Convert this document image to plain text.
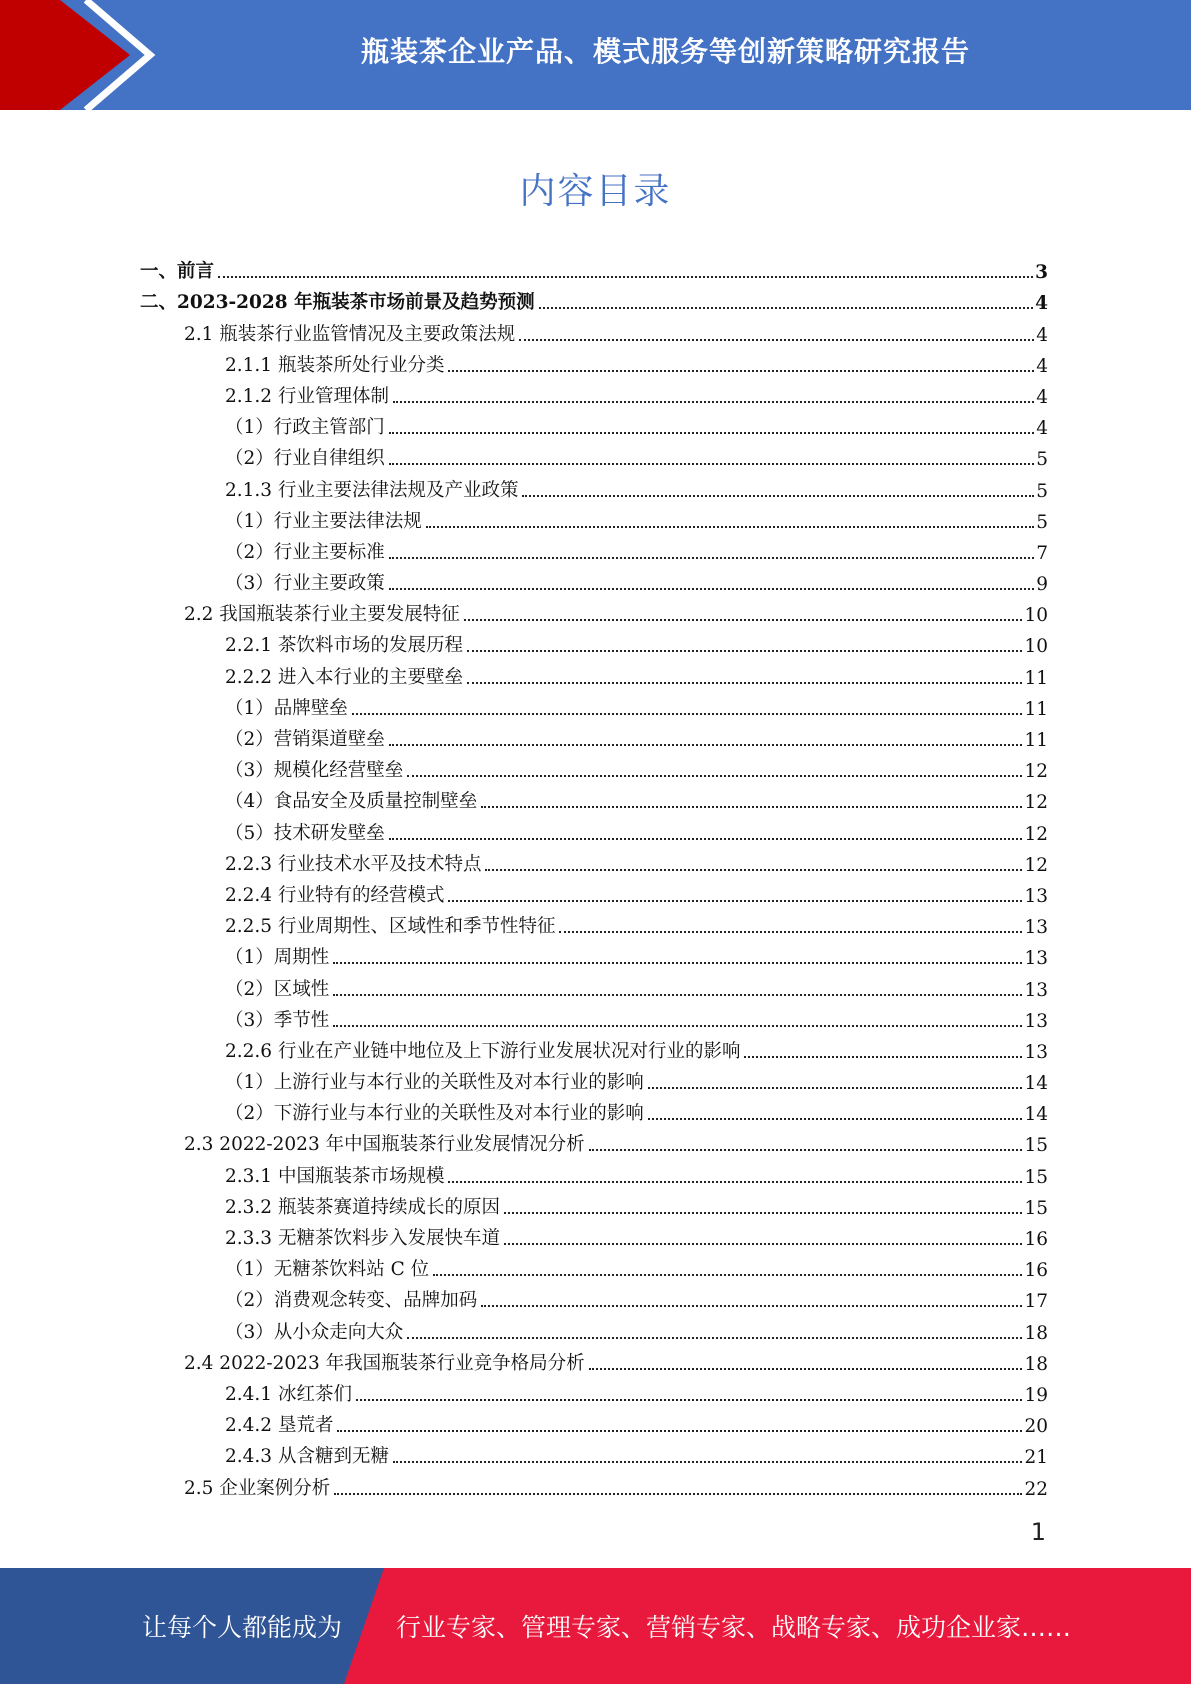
瓶装茶企业产品、模式服务等创新策略研究报告
内容目录
一、前言	3
二、2023-2028 年瓶装茶市场前景及趋势预测	4
2.1 瓶装茶行业监管情况及主要政策法规	4
2.1.1 瓶装茶所处行业分类	4
2.1.2 行业管理体制	4
（1）行政主管部门	4
（2）行业自律组织	5
2.1.3 行业主要法律法规及产业政策	5
（1）行业主要法律法规	5
（2）行业主要标准	7
（3）行业主要政策	9
2.2 我国瓶装茶行业主要发展特征	10
2.2.1 茶饮料市场的发展历程	10
2.2.2 进入本行业的主要壁垒	11
（1）品牌壁垒	11
（2）营销渠道壁垒	11
（3）规模化经营壁垒	12
（4）食品安全及质量控制壁垒	12
（5）技术研发壁垒	12
2.2.3 行业技术水平及技术特点	12
2.2.4 行业特有的经营模式	13
2.2.5 行业周期性、区域性和季节性特征	13
（1）周期性	13
（2）区域性	13
（3）季节性	13
2.2.6 行业在产业链中地位及上下游行业发展状况对行业的影响	13
（1）上游行业与本行业的关联性及对本行业的影响	14
（2）下游行业与本行业的关联性及对本行业的影响	14
2.3 2022-2023 年中国瓶装茶行业发展情况分析	15
2.3.1 中国瓶装茶市场规模	15
2.3.2 瓶装茶赛道持续成长的原因	15
2.3.3 无糖茶饮料步入发展快车道	16
（1）无糖茶饮料站 C 位	16
（2）消费观念转变、品牌加码	17
（3）从小众走向大众	18
2.4 2022-2023 年我国瓶装茶行业竞争格局分析	18
2.4.1 冰红茶们	19
2.4.2 垦荒者	20
2.4.3 从含糖到无糖	21
2.5 企业案例分析	22
1
让每个人都能成为 行业专家、管理专家、营销专家、战略专家、成功企业家……
